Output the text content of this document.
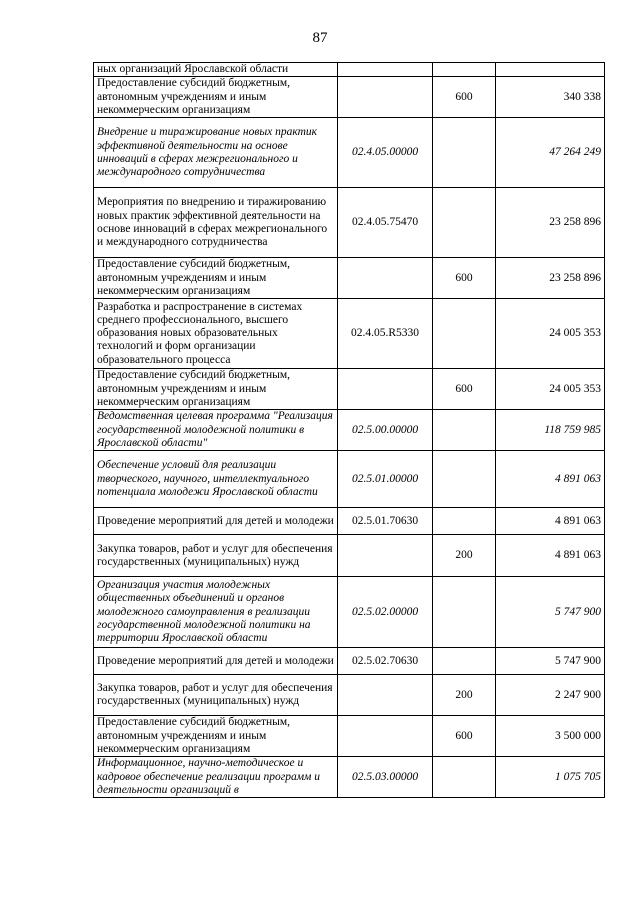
87
ных организаций Ярославской области			
Предоставление субсидий бюджетным, автономным учреждениям и иным некоммерческим организациям		600	340 338
Внедрение и тиражирование новых практик эффективной деятельности на основе инноваций в сферах межрегионального и международного сотрудничества	02.4.05.00000		47 264 249
Мероприятия по внедрению и тиражированию новых практик эффективной деятельности на основе инноваций в сферах межрегионального и международного сотрудничества	02.4.05.75470		23 258 896
Предоставление субсидий бюджетным, автономным учреждениям и иным некоммерческим организациям		600	23 258 896
Разработка и распространение в системах среднего профессионального, высшего образования новых образовательных технологий и форм организации образовательного процесса	02.4.05.R5330		24 005 353
Предоставление субсидий бюджетным, автономным учреждениям и иным некоммерческим организациям		600	24 005 353
Ведомственная целевая программа "Реализация государственной молодежной политики в Ярославской области"	02.5.00.00000		118 759 985
Обеспечение условий для реализации творческого, научного, интеллектуального потенциала молодежи Ярославской области	02.5.01.00000		4 891 063
Проведение мероприятий для детей и молодежи	02.5.01.70630		4 891 063
Закупка товаров, работ и услуг для обеспечения государственных (муниципальных) нужд		200	4 891 063
Организация участия молодежных общественных объединений и органов молодежного самоуправления в реализации государственной молодежной политики на территории Ярославской области	02.5.02.00000		5 747 900
Проведение мероприятий для детей и молодежи	02.5.02.70630		5 747 900
Закупка товаров, работ и услуг для обеспечения государственных (муниципальных) нужд		200	2 247 900
Предоставление субсидий бюджетным, автономным учреждениям и иным некоммерческим организациям		600	3 500 000
Информационное, научно-методическое и кадровое обеспечение реализации программ и деятельности организаций в	02.5.03.00000		1 075 705
